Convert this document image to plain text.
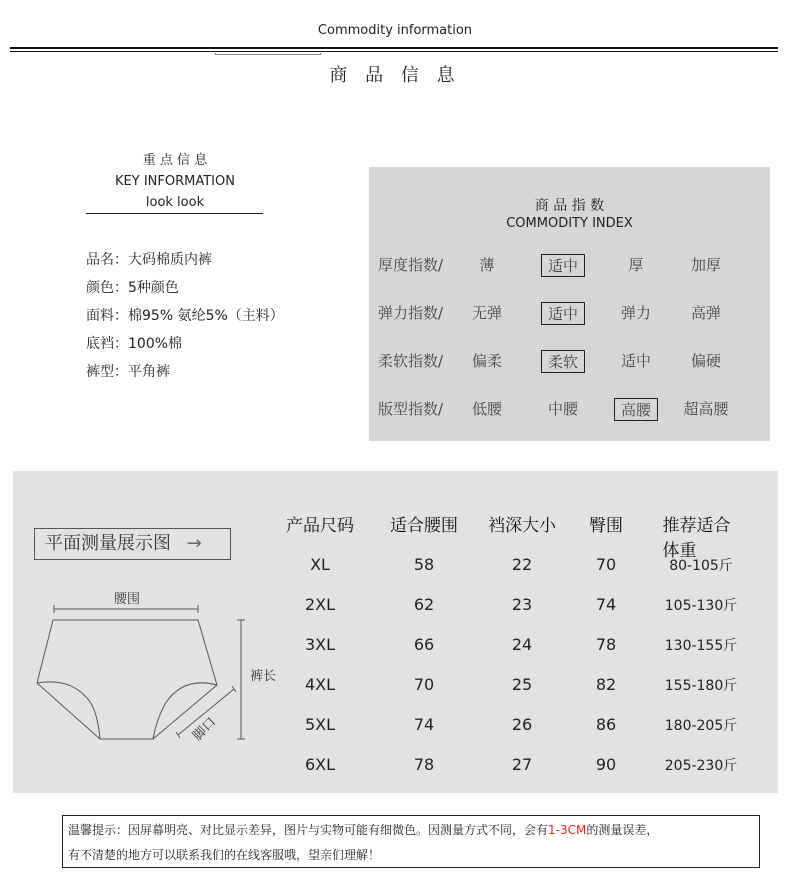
Commodity information
商 品 信 息
重 点 信 息
KEY INFORMATION
look look
品名：大码棉质内裤
颜色：5种颜色
面料：棉95% 氨纶5%（主料）
底裆：100%棉
裤型：平角裤
商 品 指 数
COMMODITY INDEX
厚度指数/ 薄	适中	厚	加厚
弹力指数/ 无弹	适中	弹力	高弹
柔软指数/ 偏柔	柔软	适中	偏硬
版型指数/ 低腰	中腰	高腰	超高腰
平面测量展示图 →
腰围
裤长
脚口
产品尺码 适合腰围 裆深大小 臀围 推荐适合体重
XL	58	22	70	80-105斤
2XL	62	23	74	105-130斤
3XL	66	24	78	130-155斤
4XL	70	25	82	155-180斤
5XL	74	26	86	180-205斤
6XL	78	27	90	205-230斤
温馨提示：因屏幕明亮、对比显示差异，图片与实物可能有细微色。因测量方式不同，会有1-3CM的测量误差，
有不清楚的地方可以联系我们的在线客服哦，望亲们理解！
